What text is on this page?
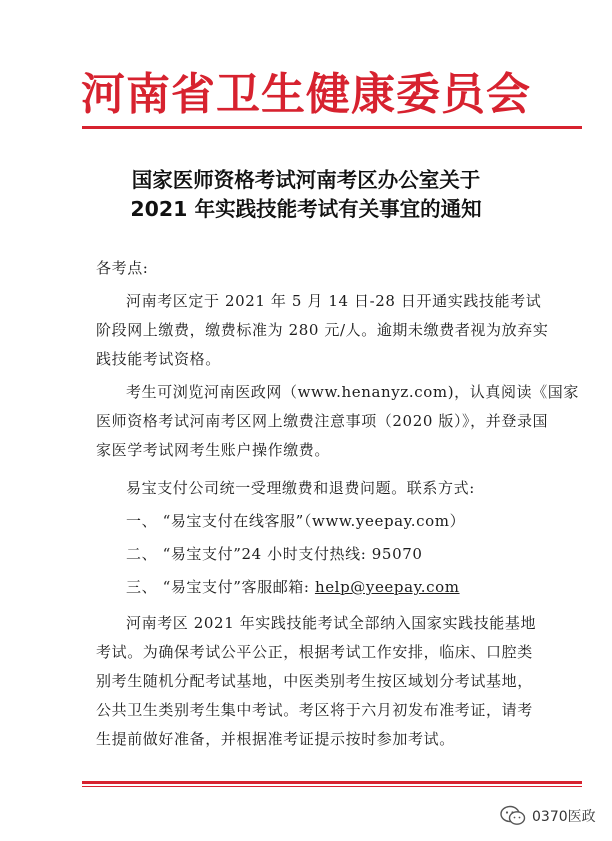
河南省卫生健康委员会
国家医师资格考试河南考区办公室关于
2021 年实践技能考试有关事宜的通知
各考点:
河南考区定于 2021 年 5 月 14 日-28 日开通实践技能考试
阶段网上缴费，缴费标准为 280 元/人。逾期未缴费者视为放弃实
践技能考试资格。
考生可浏览河南医政网（www.henanyz.com)，认真阅读《国家
医师资格考试河南考区网上缴费注意事项（2020 版）》，并登录国
家医学考试网考生账户操作缴费。
易宝支付公司统一受理缴费和退费问题。联系方式:
一、 “易宝支付在线客服”（www.yeepay.com）
二、 “易宝支付”24 小时支付热线: 95070
三、 “易宝支付”客服邮箱: help@yeepay.com
河南考区 2021 年实践技能考试全部纳入国家实践技能基地
考试。为确保考试公平公正，根据考试工作安排，临床、口腔类
别考生随机分配考试基地，中医类别考生按区域划分考试基地，
公共卫生类别考生集中考试。考区将于六月初发布准考证，请考
生提前做好准备，并根据准考证提示按时参加考试。
0370医政
